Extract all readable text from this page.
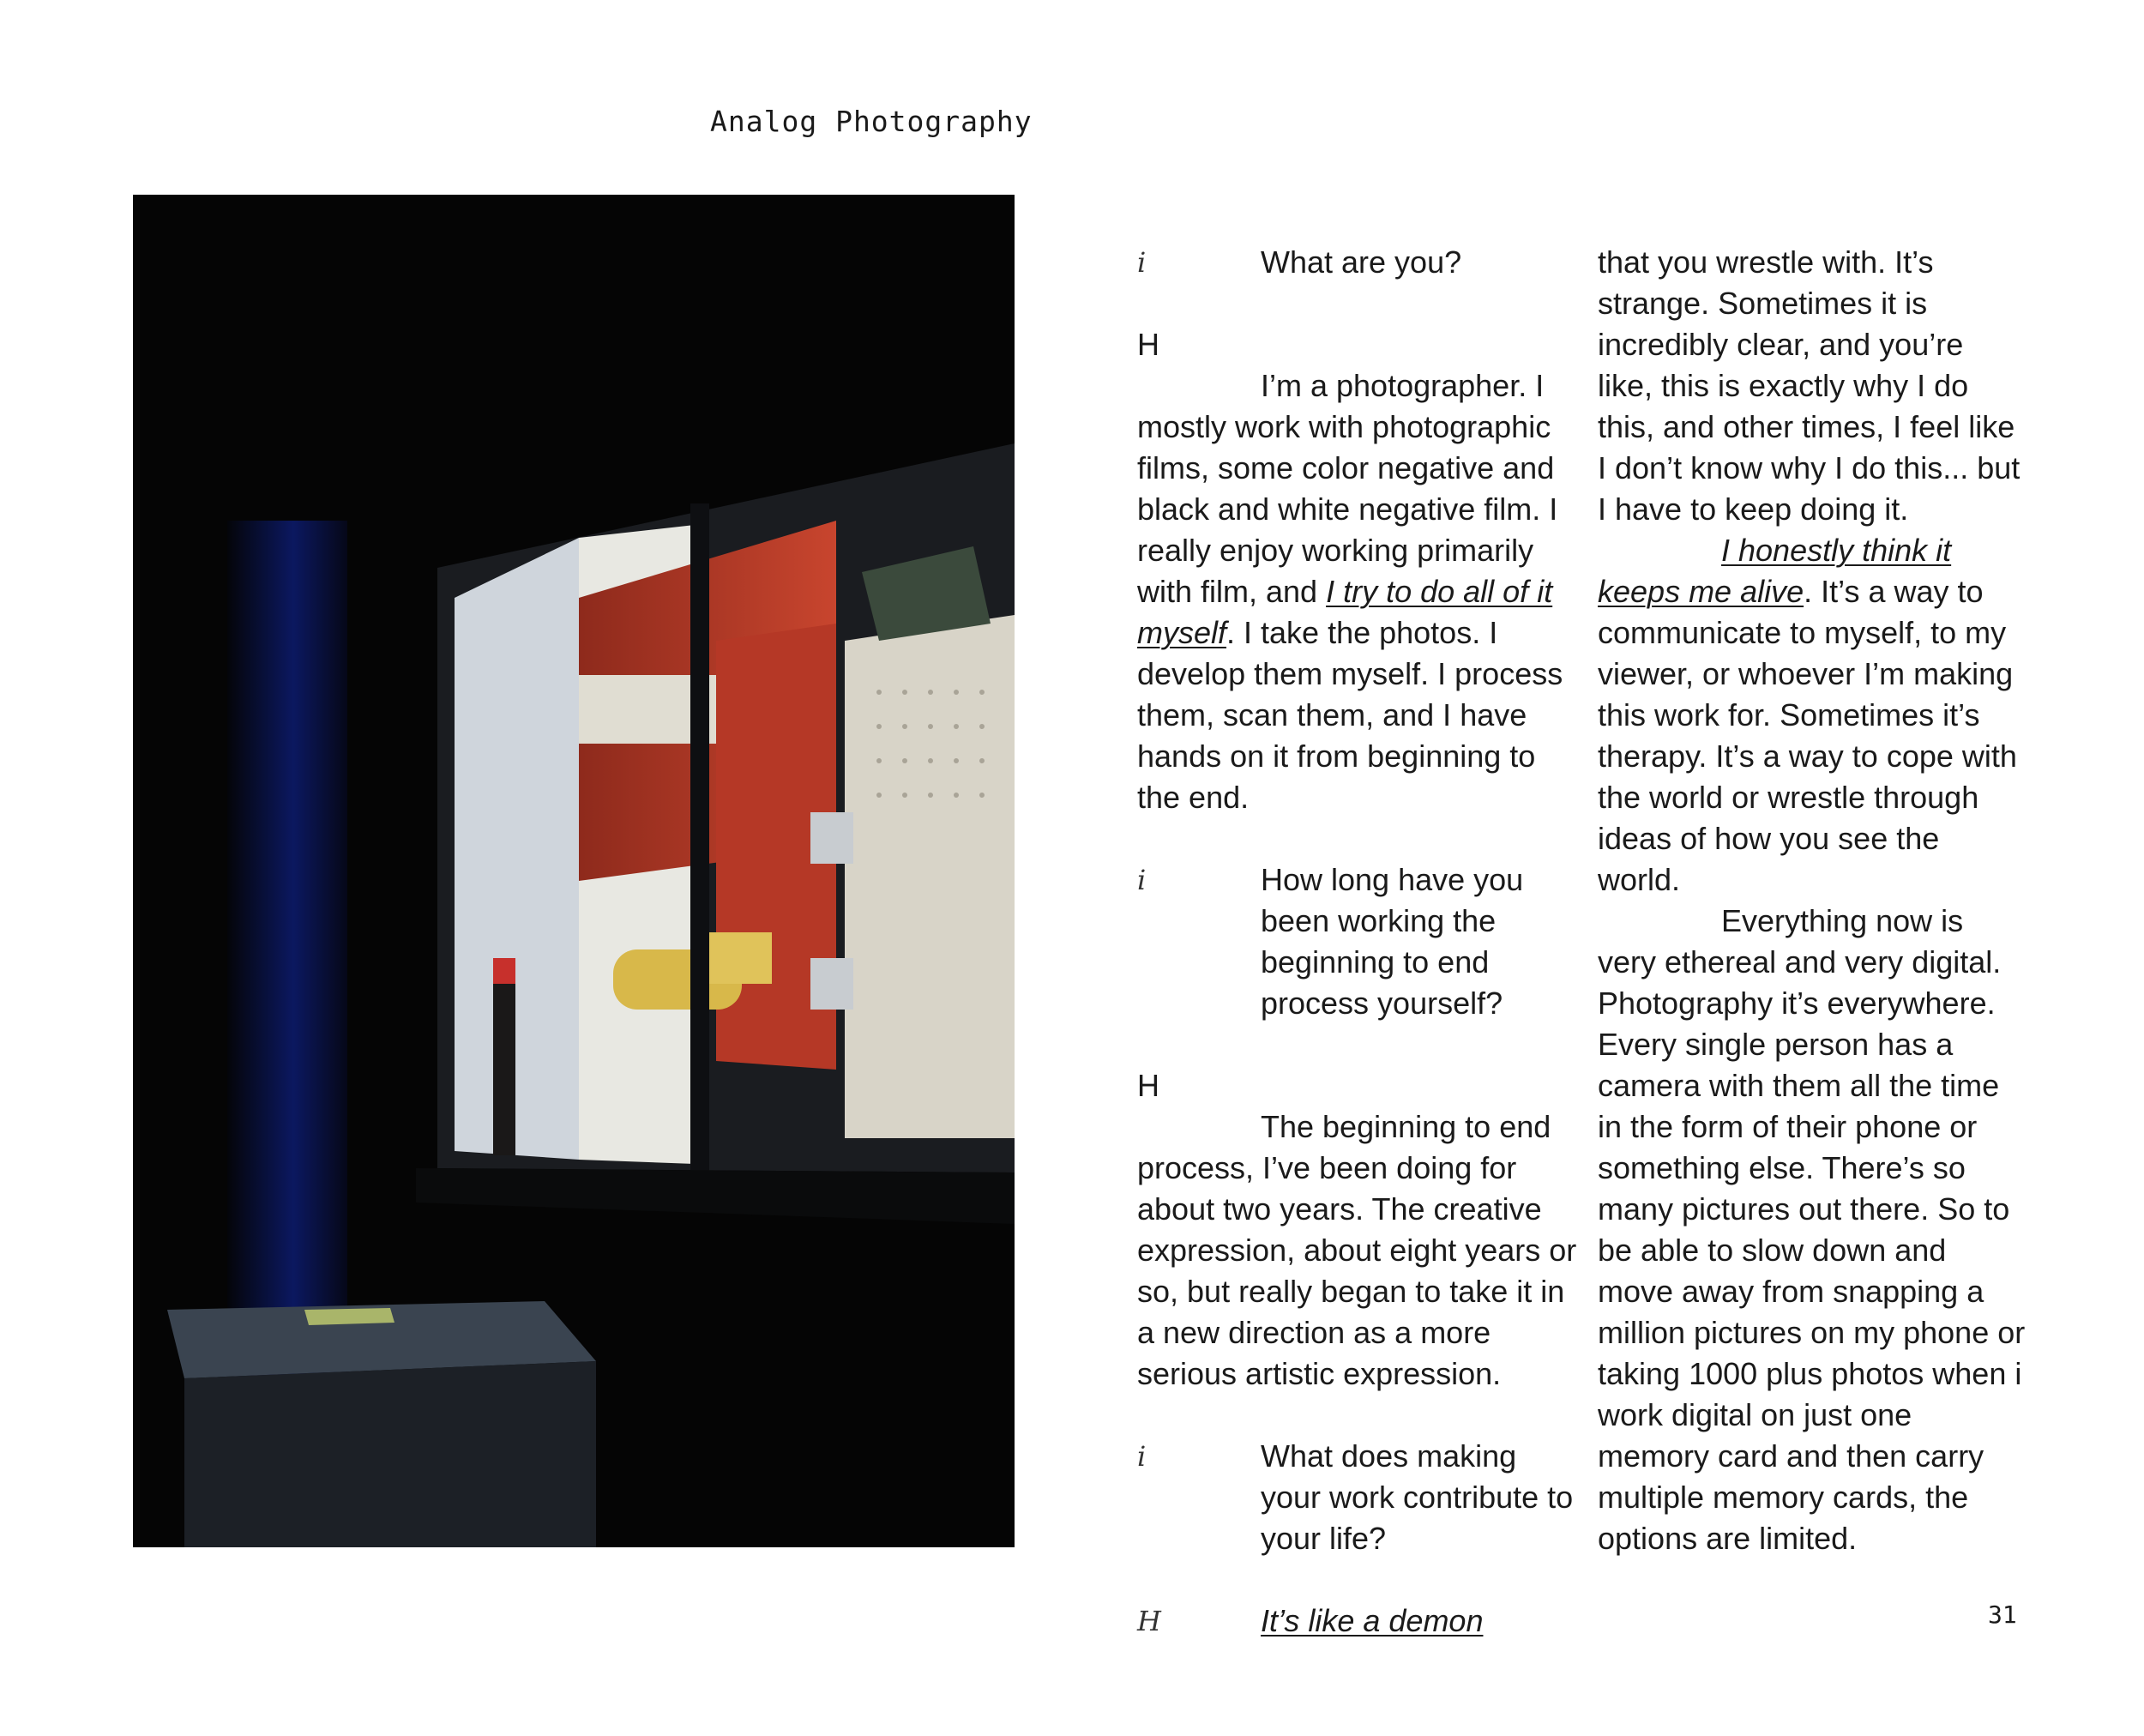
Analog Photography
i	What are you?
H

I’m a photographer. I mostly work with photographic films, some color negative and black and white negative film. I really enjoy working primarily with film, and I try to do all of it myself. I take the photos. I develop them myself. I process them, scan them, and I have hands on it from beginning to the end.

i	How long have you been working the beginning to end process yourself?
H

The beginning to end process, I’ve been doing for about two years. The creative expression, about eight years or so, but really began to take it in a new direction as a more serious artistic expression.

i	What does making your work contribute to your life?
H	It’s like a demon

that you wrestle with. It’s strange. Sometimes it is incredibly clear, and you’re like, this is exactly why I do this, and other times, I feel like I don’t know why I do this... but I have to keep doing it.

I honestly think it keeps me alive. It’s a way to communicate to myself, to my viewer, or whoever I’m making this work for. Sometimes it’s therapy. It’s a way to cope with the world or wrestle through ideas of how you see the world.

Everything now is very ethereal and very digital. Photography it’s everywhere. Every single person has a camera with them all the time in the form of their phone or something else. There’s so many pictures out there. So to be able to slow down and move away from snapping a million pictures on my phone or taking 1000 plus photos when i work digital on just one memory card and then carry multiple memory cards, the options are limited.

31
